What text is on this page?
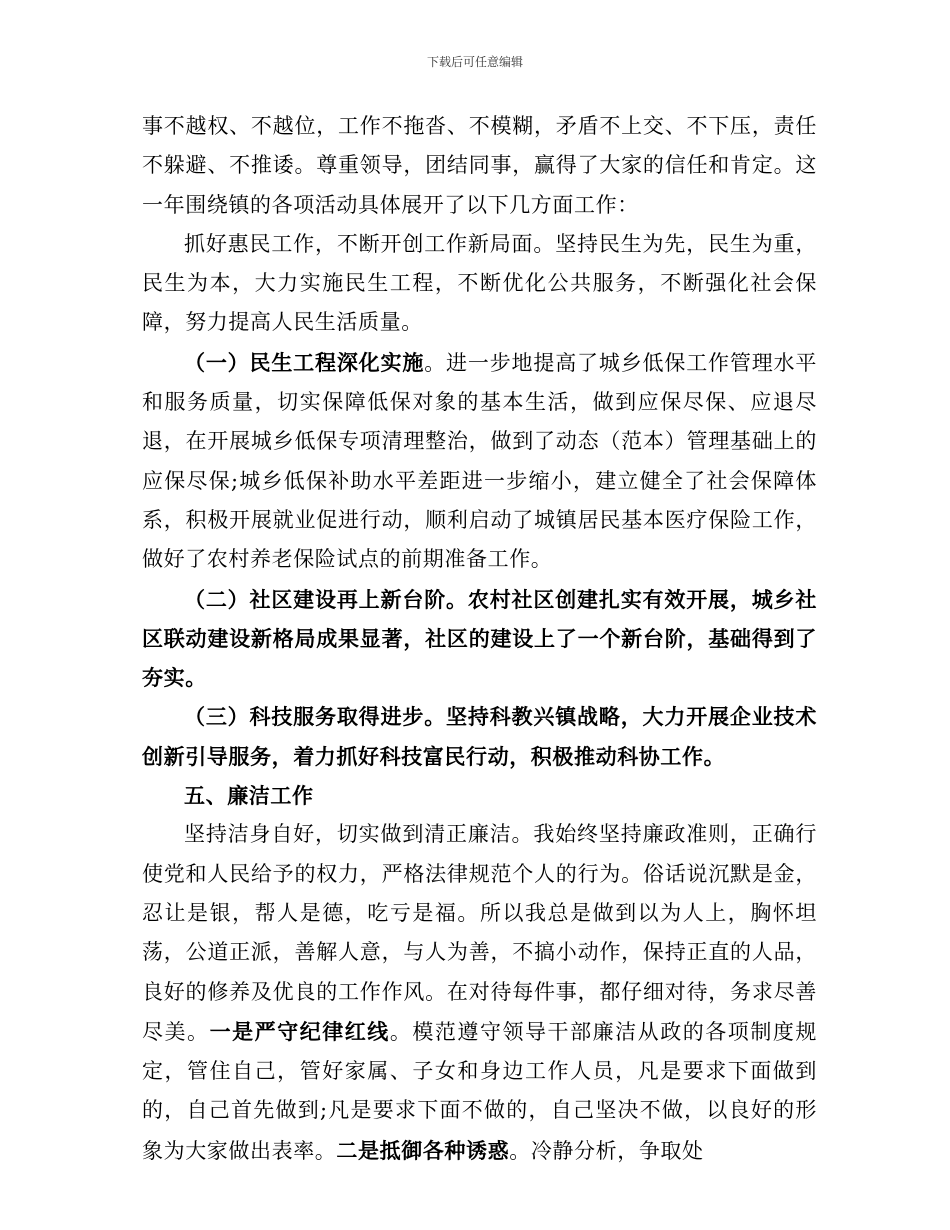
下载后可任意编辑

事不越权、不越位，工作不拖沓、不模糊，矛盾不上交、不下压，责任不躲避、不推诿。尊重领导，团结同事，赢得了大家的信任和肯定。这一年围绕镇的各项活动具体展开了以下几方面工作：

抓好惠民工作，不断开创工作新局面。坚持民生为先，民生为重，民生为本，大力实施民生工程，不断优化公共服务，不断强化社会保障，努力提高人民生活质量。

（一）民生工程深化实施。进一步地提高了城乡低保工作管理水平和服务质量，切实保障低保对象的基本生活，做到应保尽保、应退尽退，在开展城乡低保专项清理整治，做到了动态（范本）管理基础上的应保尽保;城乡低保补助水平差距进一步缩小，建立健全了社会保障体系，积极开展就业促进行动，顺利启动了城镇居民基本医疗保险工作，做好了农村养老保险试点的前期准备工作。

（二）社区建设再上新台阶。农村社区创建扎实有效开展，城乡社区联动建设新格局成果显著，社区的建设上了一个新台阶，基础得到了夯实。

（三）科技服务取得进步。坚持科教兴镇战略，大力开展企业技术创新引导服务，着力抓好科技富民行动，积极推动科协工作。

五、廉洁工作

坚持洁身自好，切实做到清正廉洁。我始终坚持廉政准则，正确行使党和人民给予的权力，严格法律规范个人的行为。俗话说沉默是金，忍让是银，帮人是德，吃亏是福。所以我总是做到以为人上，胸怀坦荡，公道正派，善解人意，与人为善，不搞小动作，保持正直的人品，良好的修养及优良的工作作风。在对待每件事，都仔细对待，务求尽善尽美。一是严守纪律红线。模范遵守领导干部廉洁从政的各项制度规定，管住自己，管好家属、子女和身边工作人员，凡是要求下面做到的，自己首先做到;凡是要求下面不做的，自己坚决不做，以良好的形象为大家做出表率。二是抵御各种诱惑。冷静分析，争取处
